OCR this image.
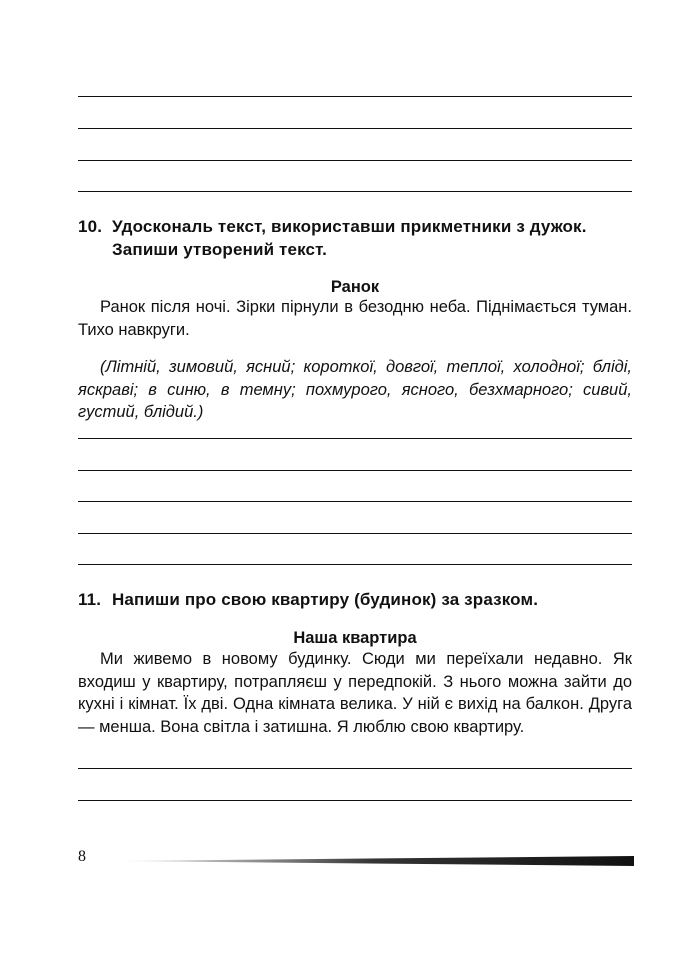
10. Удоскональ текст, використавши прикметники з дужок.
Запиши утворений текст.
Ранок
Ранок після ночі. Зірки пірнули в безодню неба. Піднімається туман. Тихо навкруги.
(Літній, зимовий, ясний; короткої, довгої, теплої, холодної; бліді, яскраві; в синю, в темну; похмурого, ясного, безхмарного; сивий, густий, блідий.)
11. Напиши про свою квартиру (будинок) за зразком.
Наша квартира
Ми живемо в новому будинку. Сюди ми переїхали недавно. Як входиш у квартиру, потрапляєш у передпокій. З нього можна зайти до кухні і кімнат. Їх дві. Одна кімната велика. У ній є вихід на балкон. Друга — менша. Вона світла і затишна. Я люблю свою квартиру.
8
